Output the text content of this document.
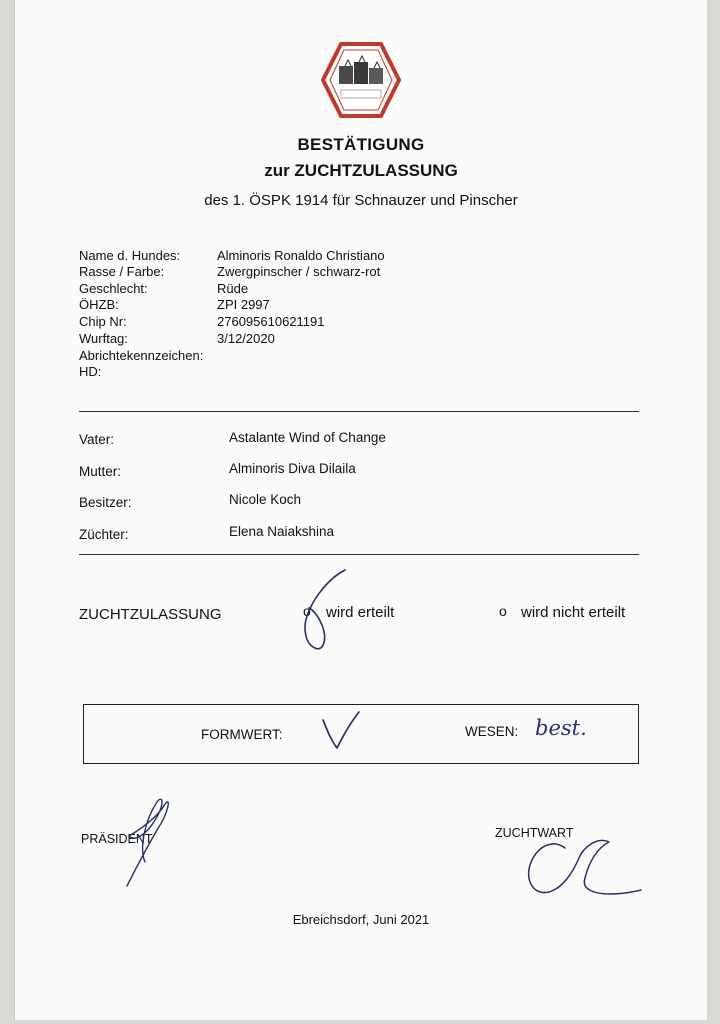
BESTÄTIGUNG
zur ZUCHTZULASSUNG
des 1. ÖSPK 1914 für Schnauzer und Pinscher
Name d. Hundes:	Alminoris Ronaldo Christiano
Rasse / Farbe:	Zwergpinscher / schwarz-rot
Geschlecht:	Rüde
ÖHZB:	ZPI 2997
Chip Nr:	276095610621191
Wurftag:	3/12/2020
Abrichtekennzeichen:
HD:
Vater:	Astalante Wind of Change
Mutter:	Alminoris Diva Dilaila
Besitzer:	Nicole Koch
Züchter:	Elena Naiakshina
ZUCHTZULASSUNG	o wird erteilt	o wird nicht erteilt
FORMWERT:	WESEN: best.
PRÄSIDENT	ZUCHTWART
Ebreichsdorf, Juni 2021
